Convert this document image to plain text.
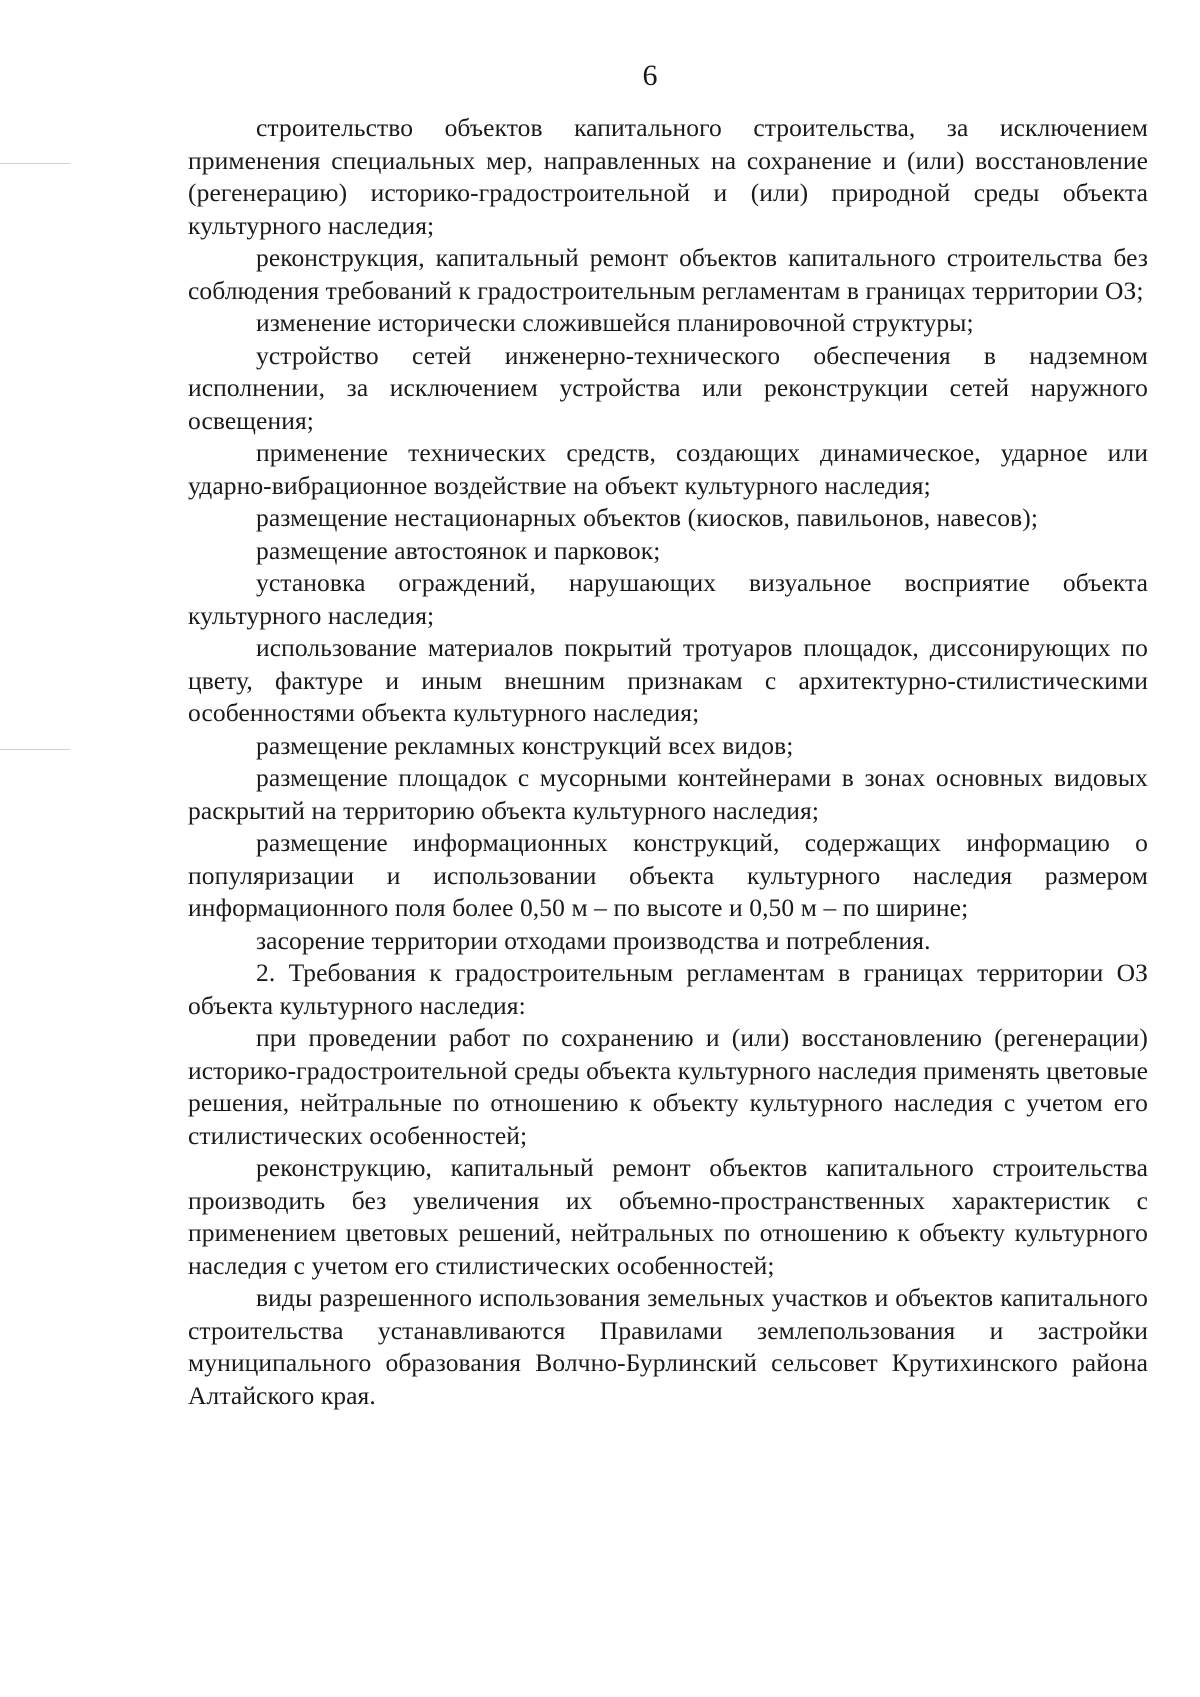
6

строительство объектов капитального строительства, за исключением применения специальных мер, направленных на сохранение и (или) восстановление (регенерацию) историко-градостроительной и (или) природной среды объекта культурного наследия;

реконструкция, капитальный ремонт объектов капитального строительства без соблюдения требований к градостроительным регламентам в границах территории ОЗ;

изменение исторически сложившейся планировочной структуры;

устройство сетей инженерно-технического обеспечения в надземном исполнении, за исключением устройства или реконструкции сетей наружного освещения;

применение технических средств, создающих динамическое, ударное или ударно-вибрационное воздействие на объект культурного наследия;

размещение нестационарных объектов (киосков, павильонов, навесов);

размещение автостоянок и парковок;

установка ограждений, нарушающих визуальное восприятие объекта культурного наследия;

использование материалов покрытий тротуаров площадок, диссонирующих по цвету, фактуре и иным внешним признакам с архитектурно-стилистическими особенностями объекта культурного наследия;

размещение рекламных конструкций всех видов;

размещение площадок с мусорными контейнерами в зонах основных видовых раскрытий на территорию объекта культурного наследия;

размещение информационных конструкций, содержащих информацию о популяризации и использовании объекта культурного наследия размером информационного поля более 0,50 м – по высоте и 0,50 м – по ширине;

засорение территории отходами производства и потребления.

2. Требования к градостроительным регламентам в границах территории ОЗ объекта культурного наследия:

при проведении работ по сохранению и (или) восстановлению (регенерации) историко-градостроительной среды объекта культурного наследия применять цветовые решения, нейтральные по отношению к объекту культурного наследия с учетом его стилистических особенностей;

реконструкцию, капитальный ремонт объектов капитального строительства производить без увеличения их объемно-пространственных характеристик с применением цветовых решений, нейтральных по отношению к объекту культурного наследия с учетом его стилистических особенностей;

виды разрешенного использования земельных участков и объектов капитального строительства устанавливаются Правилами землепользования и застройки муниципального образования Волчно-Бурлинский сельсовет Крутихинского района Алтайского края.
